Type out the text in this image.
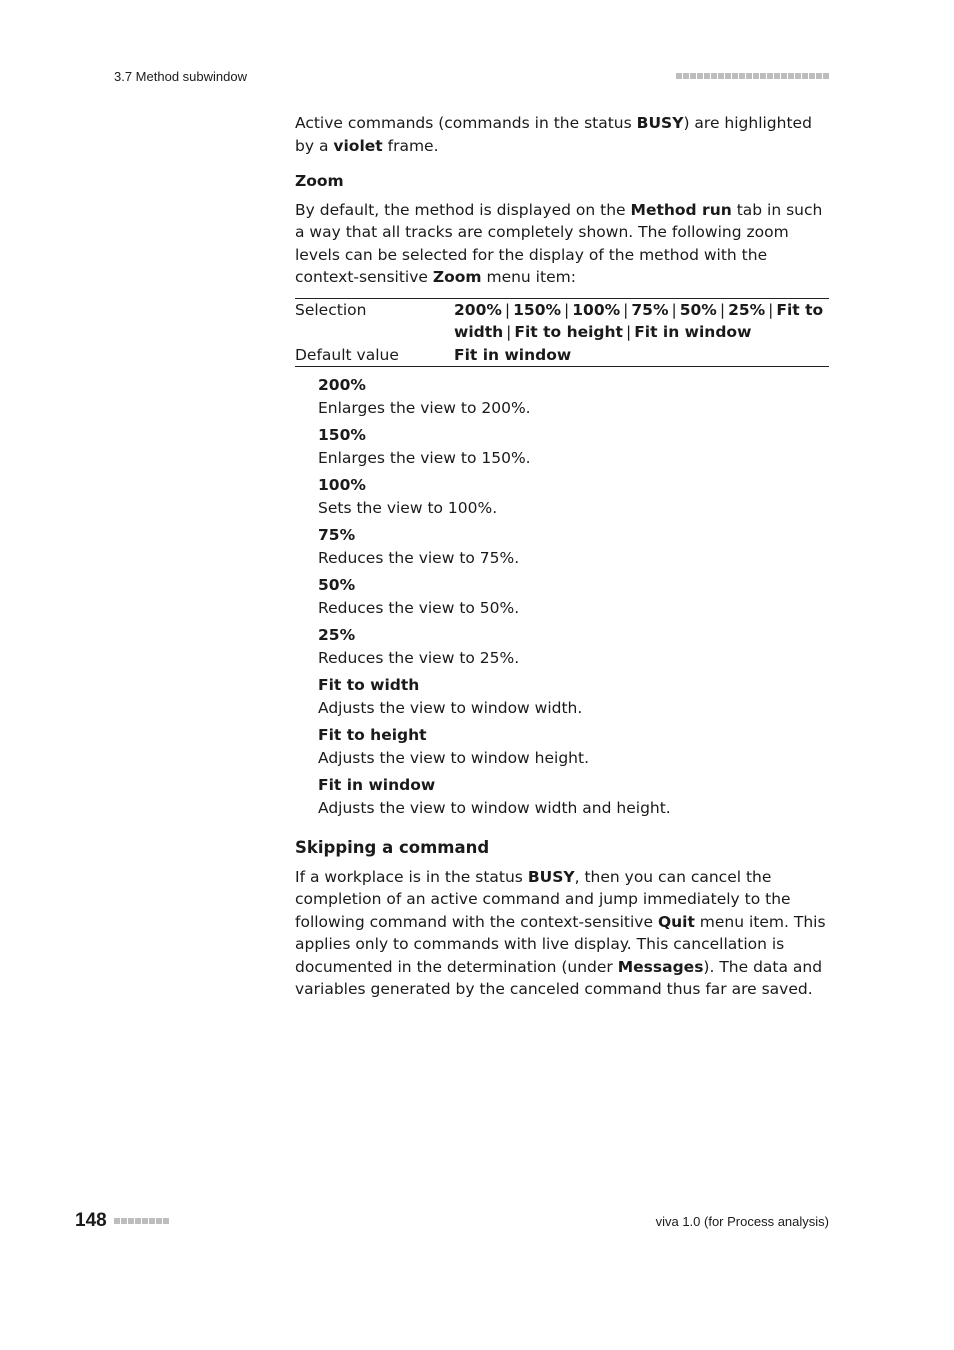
3.7 Method subwindow

Active commands (commands in the status BUSY) are highlighted by a violet frame.

Zoom

By default, the method is displayed on the Method run tab in such a way that all tracks are completely shown. The following zoom levels can be selected for the display of the method with the context-sensitive Zoom menu item:

Selection	200% | 150% | 100% | 75% | 50% | 25% | Fit to width | Fit to height | Fit in window
Default value	Fit in window
200%
Enlarges the view to 200%.
150%
Enlarges the view to 150%.
100%
Sets the view to 100%.
75%
Reduces the view to 75%.
50%
Reduces the view to 50%.
25%
Reduces the view to 25%.
Fit to width
Adjusts the view to window width.
Fit to height
Adjusts the view to window height.
Fit in window
Adjusts the view to window width and height.
Skipping a command

If a workplace is in the status BUSY, then you can cancel the completion of an active command and jump immediately to the following command with the context-sensitive Quit menu item. This applies only to commands with live display. This cancellation is documented in the determination (under Messages). The data and variables generated by the canceled command thus far are saved.

148	viva 1.0 (for Process analysis)
